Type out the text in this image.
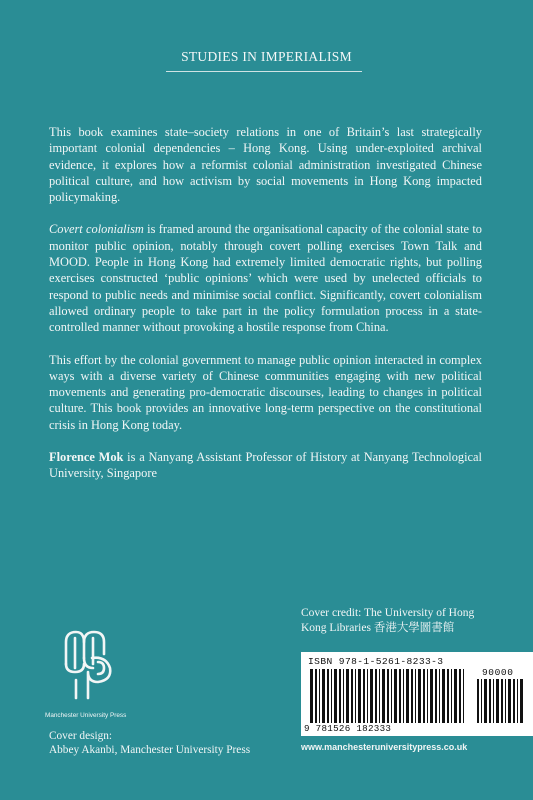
STUDIES IN IMPERIALISM

This book examines state–society relations in one of Britain’s last strategically important colonial dependencies – Hong Kong. Using under-exploited archival evidence, it explores how a reformist colonial administration investigated Chinese political culture, and how activism by social movements in Hong Kong impacted policymaking.

Covert colonialism is framed around the organisational capacity of the colonial state to monitor public opinion, notably through covert polling exercises Town Talk and MOOD. People in Hong Kong had extremely limited democratic rights, but polling exercises constructed ‘public opinions’ which were used by unelected officials to respond to public needs and minimise social conflict. Significantly, covert colonialism allowed ordinary people to take part in the policy formulation process in a state-controlled manner without provoking a hostile response from China.

This effort by the colonial government to manage public opinion interacted in complex ways with a diverse variety of Chinese communities engaging with new political movements and generating pro-democratic discourses, leading to changes in political culture. This book provides an innovative long-term perspective on the constitutional crisis in Hong Kong today.

Florence Mok is a Nanyang Assistant Professor of History at Nanyang Technological University, Singapore

Cover credit: The University of Hong Kong Libraries 香港大學圖書館
Manchester University Press
Cover design:
Abbey Akanbi, Manchester University Press
ISBN 978-1-5261-8233-3
90000
9 781526 182333
www.manchesteruniversitypress.co.uk
